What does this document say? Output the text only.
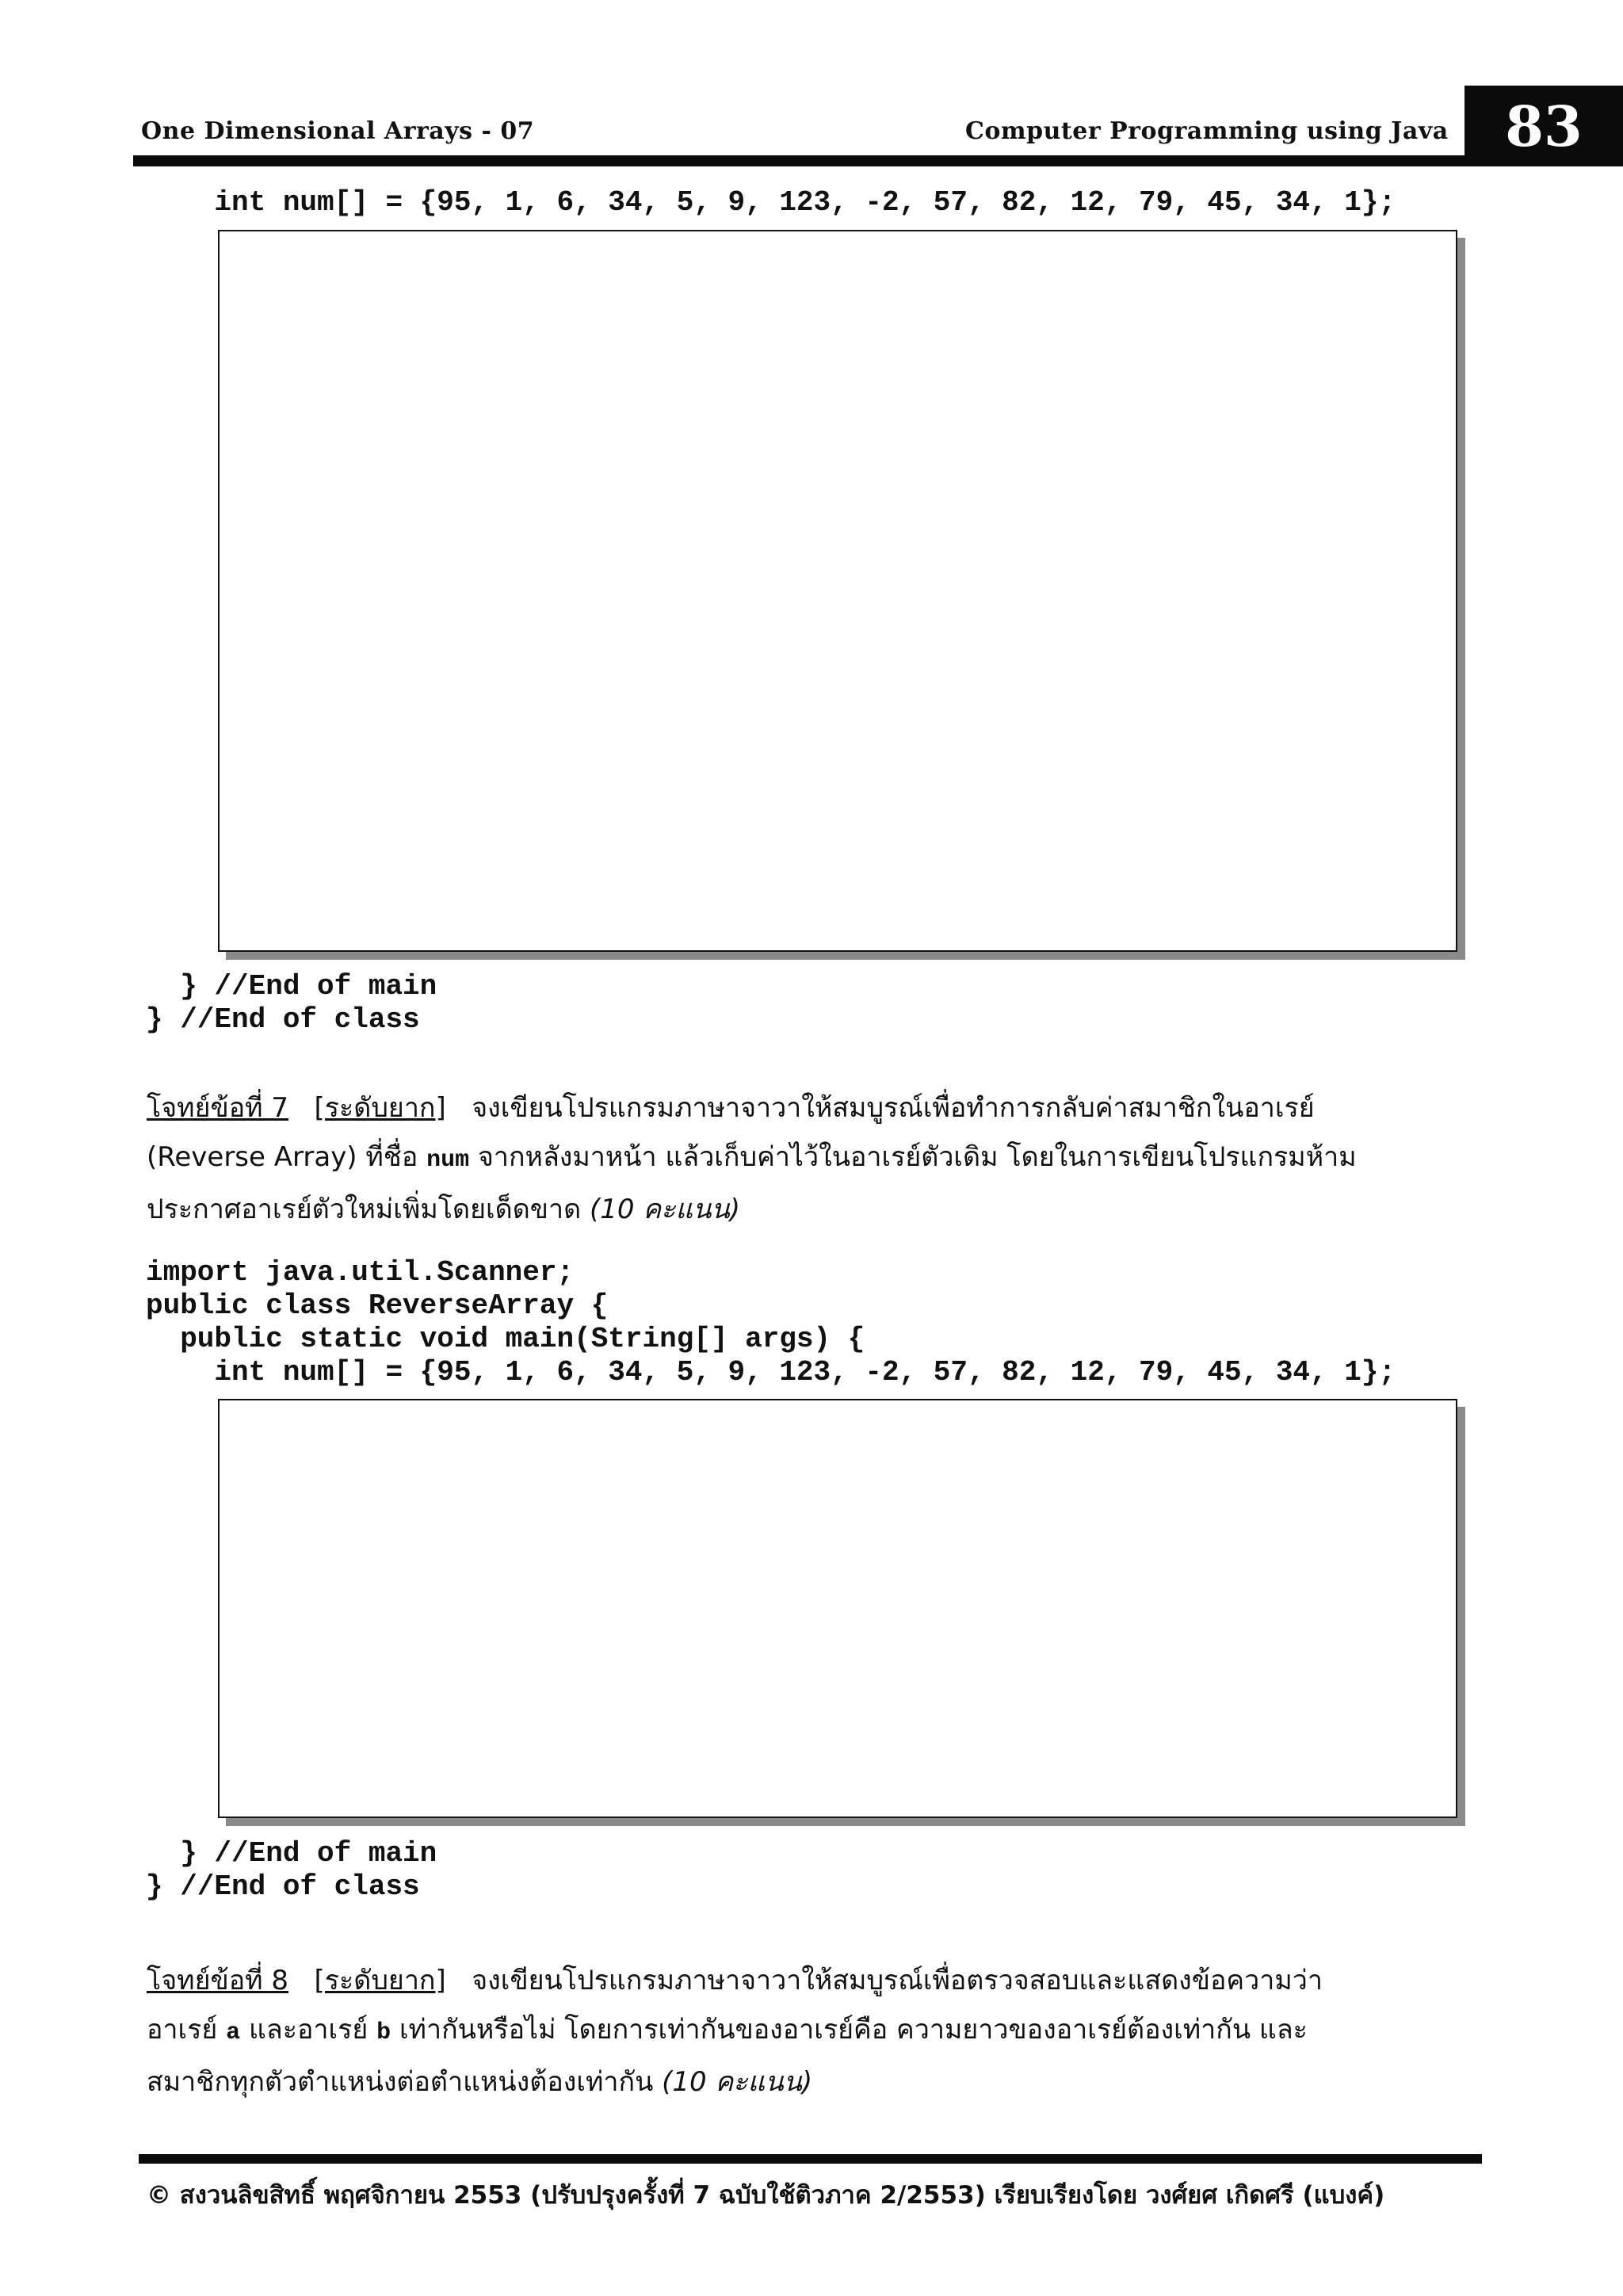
One Dimensional Arrays - 07	Computer Programming using Java 83
int num[] = {95, 1, 6, 34, 5, 9, 123, -2, 57, 82, 12, 79, 45, 34, 1};
} //End of main
} //End of class
โจทย์ข้อที่ 7 [ระดับยาก] จงเขียนโปรแกรมภาษาจาวาให้สมบูรณ์เพื่อทำการกลับค่าสมาชิกในอาเรย์
(Reverse Array) ที่ชื่อ num จากหลังมาหน้า แล้วเก็บค่าไว้ในอาเรย์ตัวเดิม โดยในการเขียนโปรแกรมห้าม
ประกาศอาเรย์ตัวใหม่เพิ่มโดยเด็ดขาด (10 คะแนน)
import java.util.Scanner;
public class ReverseArray {
public static void main(String[] args) {
int num[] = {95, 1, 6, 34, 5, 9, 123, -2, 57, 82, 12, 79, 45, 34, 1};
} //End of main
} //End of class
โจทย์ข้อที่ 8 [ระดับยาก] จงเขียนโปรแกรมภาษาจาวาให้สมบูรณ์เพื่อตรวจสอบและแสดงข้อความว่า
อาเรย์ a และอาเรย์ b เท่ากันหรือไม่ โดยการเท่ากันของอาเรย์คือ ความยาวของอาเรย์ต้องเท่ากัน และ
สมาชิกทุกตัวตำแหน่งต่อตำแหน่งต้องเท่ากัน (10 คะแนน)
© สงวนลิขสิทธิ์ พฤศจิกายน 2553 (ปรับปรุงครั้งที่ 7 ฉบับใช้ติวภาค 2/2553) เรียบเรียงโดย วงศ์ยศ เกิดศรี (แบงค์)
